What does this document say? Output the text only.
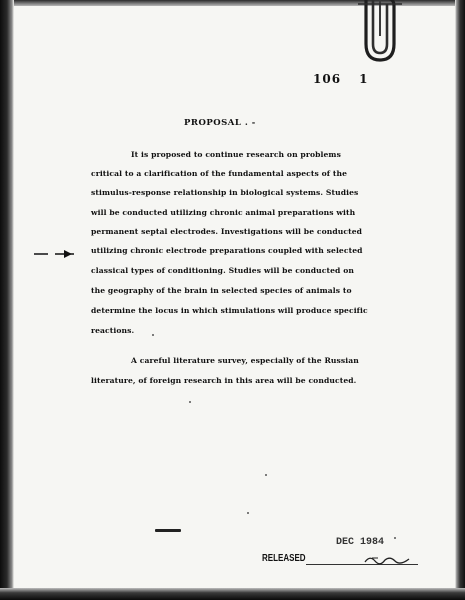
106 1
PROPOSAL . -
It is proposed to continue research on problems
critical to a clarification of the fundamental aspects of the
stimulus-response relationship in biological systems. Studies
will be conducted utilizing chronic animal preparations with
permanent septal electrodes. Investigations will be conducted
utilizing chronic electrode preparations coupled with selected
classical types of conditioning. Studies will be conducted on
the geography of the brain in selected species of animals to
determine the locus in which stimulations will produce specific
reactions.
A careful literature survey, especially of the Russian
literature, of foreign research in this area will be conducted.
DEC 1984
RELEASED
